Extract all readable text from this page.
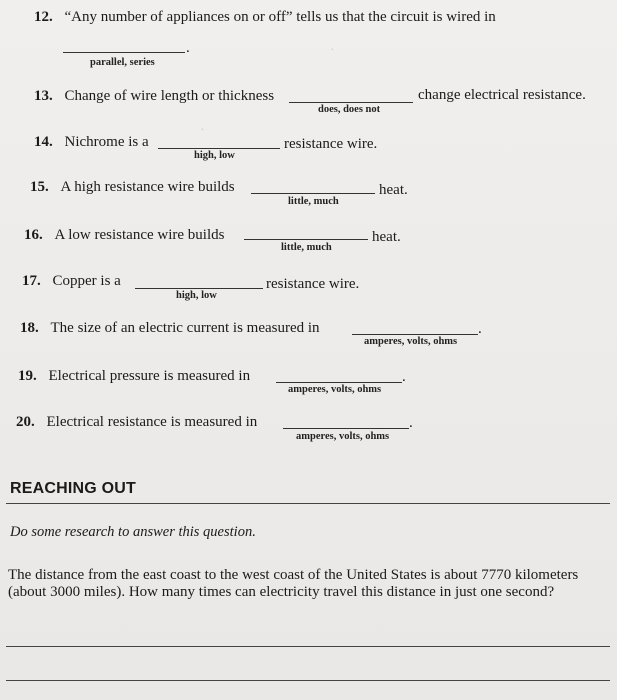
·
·
12. “Any number of appliances on or off” tells us that the circuit is wired in
.
parallel, series
13. Change of wire length or thickness	change electrical resistance.
does, does not
14. Nichrome is a	resistance wire.
high, low
15. A high resistance wire builds	heat.
little, much
16. A low resistance wire builds	heat.
little, much
17. Copper is a	resistance wire.
high, low
18. The size of an electric current is measured in	.
amperes, volts, ohms
19. Electrical pressure is measured in	.
amperes, volts, ohms
20. Electrical resistance is measured in	.
amperes, volts, ohms
REACHING OUT
Do some research to answer this question.
The distance from the east coast to the west coast of the United States is about 7770 kilometers (about 3000 miles). How many times can electricity travel this distance in just one second?
